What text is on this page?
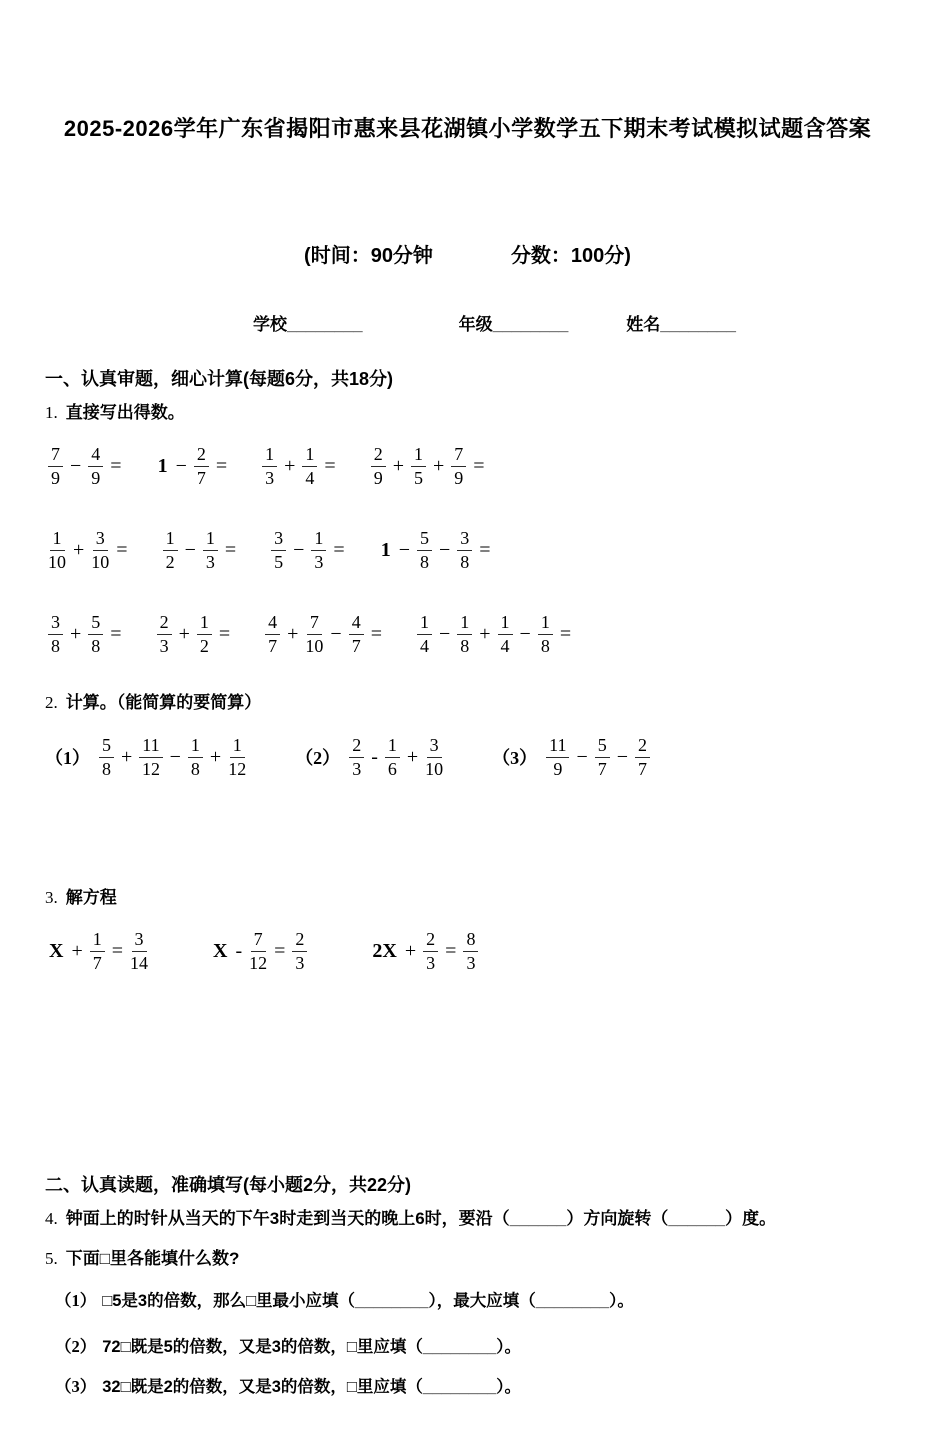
2025-2026学年广东省揭阳市惠来县花湖镇小学数学五下期末考试模拟试题含答案
(时间：90分钟	分数：100分)
学校________	年级________	姓名________
一、认真审题，细心计算(每题6分，共18分)
1. 直接写出得数。
$\frac{7}{9} - \frac{4}{9} = 1 - \frac{2}{7} = \frac{1}{3} + \frac{1}{4} = \frac{2}{9} + \frac{1}{5} + \frac{7}{9}$ =
$\frac{1}{10} + \frac{3}{10} = \frac{1}{2} - \frac{1}{3} = \frac{3}{5} - \frac{1}{3} = 1 - \frac{5}{8} - \frac{3}{8}$ =
$\frac{3}{8} + \frac{5}{8} = \frac{2}{3} + \frac{1}{2} = \frac{4}{7} + \frac{7}{10} - \frac{4}{7} = \frac{1}{4} - \frac{1}{8} + \frac{1}{4} - \frac{1}{8}$ =
2. 计算。（能简算的要简算）
$(1) \frac{5}{8} + \frac{11}{12} - \frac{1}{8} + \frac{1}{12}$	$(2) \frac{2}{3} - \frac{1}{6} + \frac{3}{10}$	$(3) \frac{11}{9} - \frac{5}{7} - \frac{2}{7}$
3. 解方程
$X + \frac{1}{7} = \frac{3}{14}$	$X - \frac{7}{12} = \frac{2}{3}$	$2X + \frac{2}{3} = \frac{8}{3}$
二、认真读题，准确填写(每小题2分，共22分)
4. 钟面上的时针从当天的下午3时走到当天的晚上6时，要沿（______）方向旋转（______）度。
5. 下面□里各能填什么数?
（1） □5是3的倍数，那么□里最小应填（________），最大应填（________）。
（2） 72□既是5的倍数，又是3的倍数，□里应填（________）。
（3） 32□既是2的倍数，又是3的倍数，□里应填（________）。
